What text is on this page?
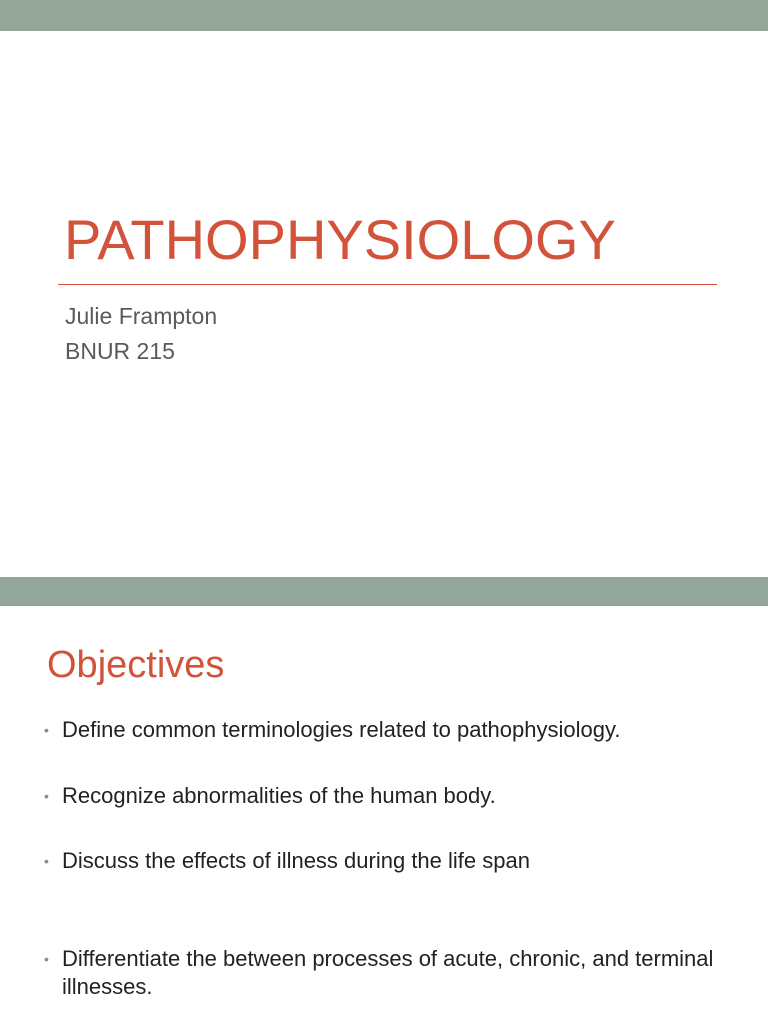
PATHOPHYSIOLOGY
Julie Frampton
BNUR 215
Objectives
• Define common terminologies related to pathophysiology.
• Recognize abnormalities of the human body.
• Discuss the effects of illness during the life span
• Differentiate the between processes of acute, chronic, and terminal illnesses.
